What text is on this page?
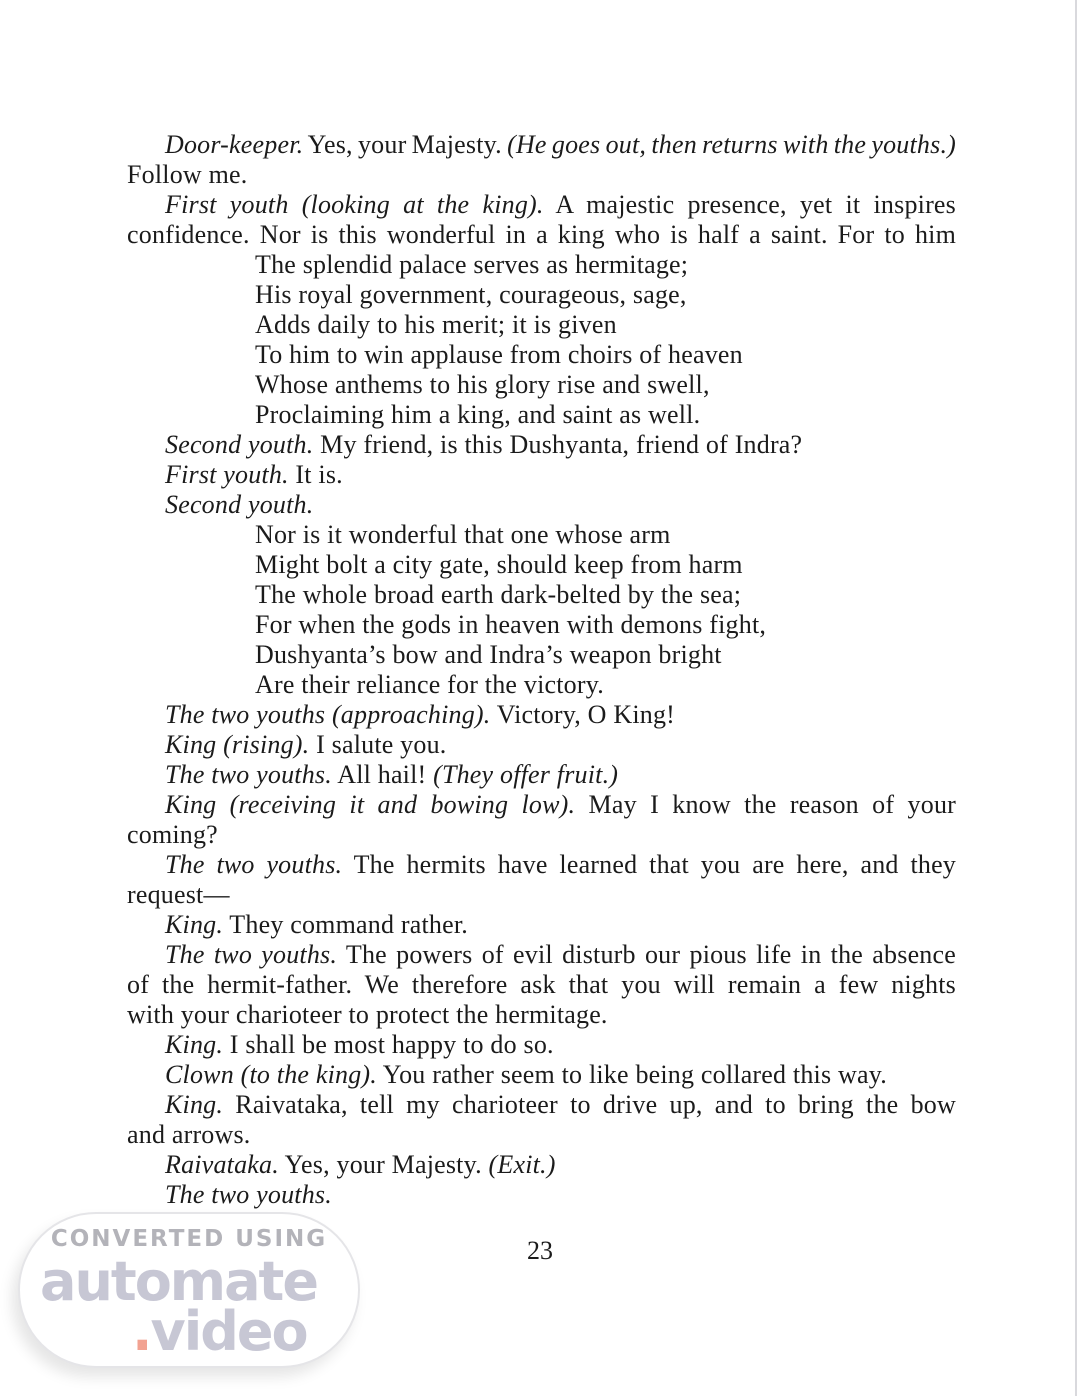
Door-keeper. Yes, your Majesty. (He goes out, then returns with the youths.)
Follow me.
First youth (looking at the king). A majestic presence, yet it inspires
confidence. Nor is this wonderful in a king who is half a saint. For to him
The splendid palace serves as hermitage;
His royal government, courageous, sage,
Adds daily to his merit; it is given
To him to win applause from choirs of heaven
Whose anthems to his glory rise and swell,
Proclaiming him a king, and saint as well.
Second youth. My friend, is this Dushyanta, friend of Indra?
First youth. It is.
Second youth.
Nor is it wonderful that one whose arm
Might bolt a city gate, should keep from harm
The whole broad earth dark-belted by the sea;
For when the gods in heaven with demons fight,
Dushyanta’s bow and Indra’s weapon bright
Are their reliance for the victory.
The two youths (approaching). Victory, O King!
King (rising). I salute you.
The two youths. All hail! (They offer fruit.)
King (receiving it and bowing low). May I know the reason of your
coming?
The two youths. The hermits have learned that you are here, and they
request—
King. They command rather.
The two youths. The powers of evil disturb our pious life in the absence
of the hermit-father. We therefore ask that you will remain a few nights
with your charioteer to protect the hermitage.
King. I shall be most happy to do so.
Clown (to the king). You rather seem to like being collared this way.
King. Raivataka, tell my charioteer to drive up, and to bring the bow
and arrows.
Raivataka. Yes, your Majesty. (Exit.)
The two youths.
23
CONVERTED USING
automate
.video
